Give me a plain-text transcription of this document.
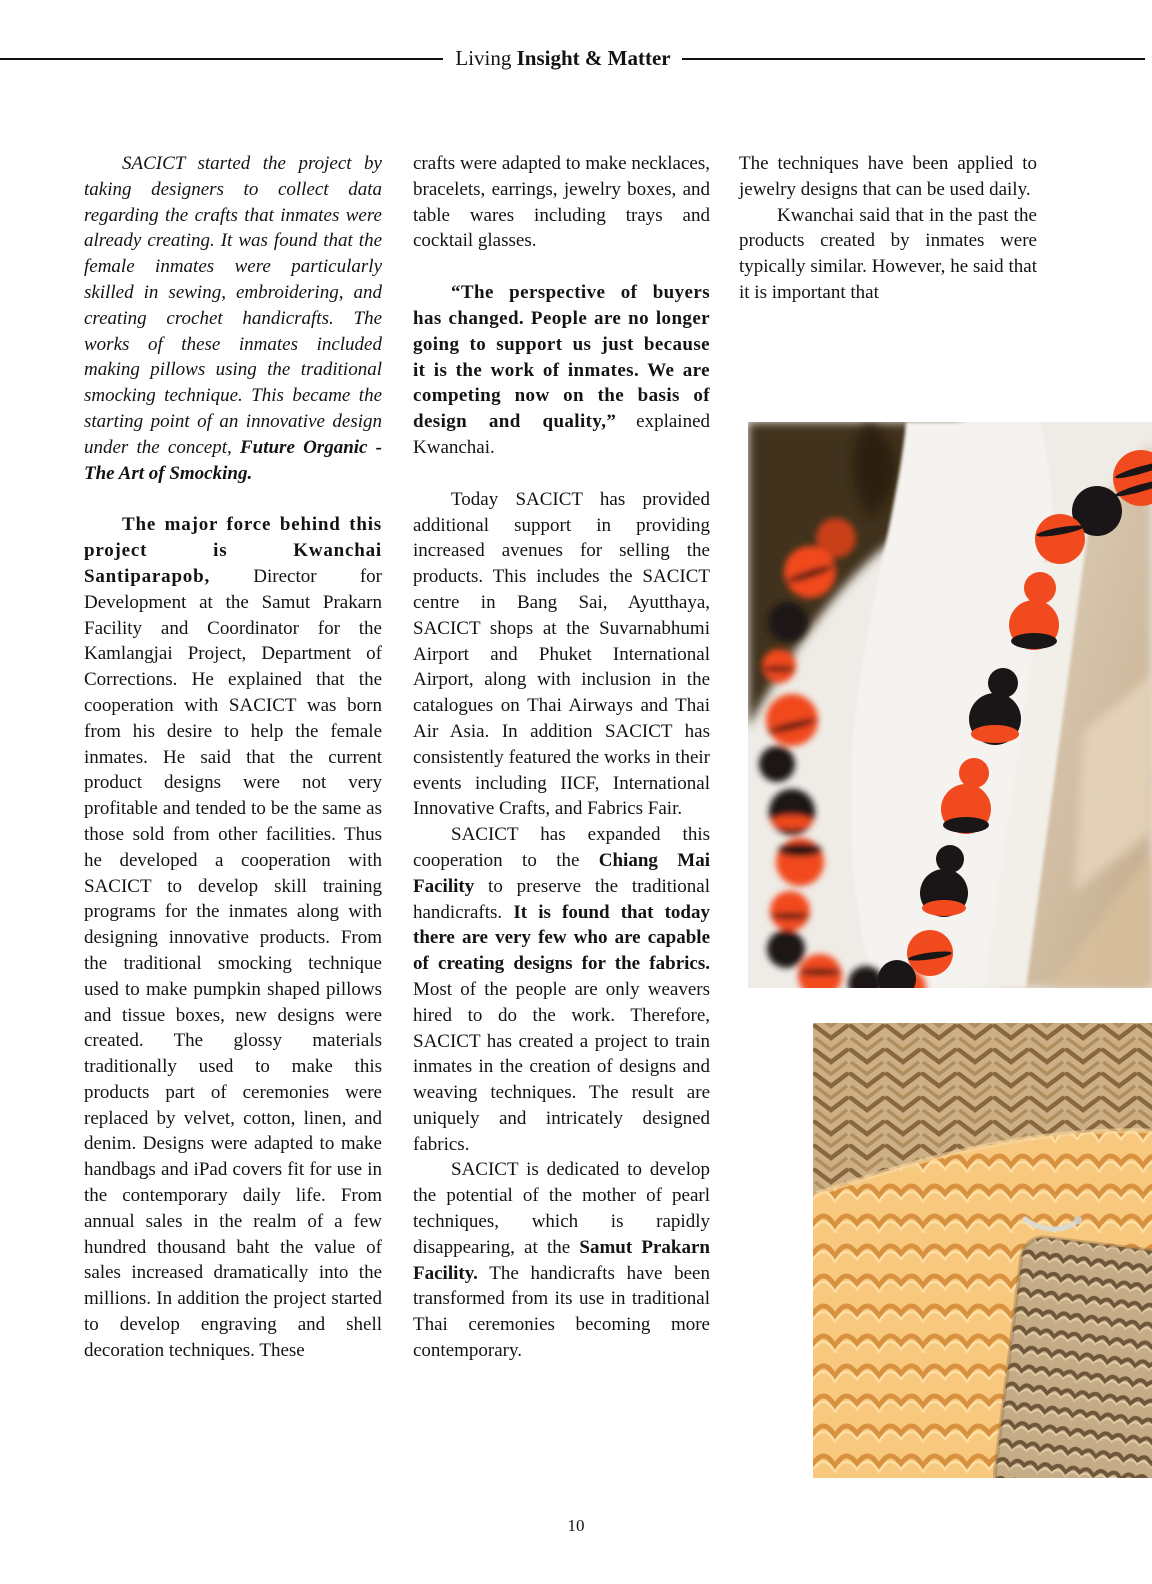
Living Insight & Matter

SACICT started the project by taking designers to collect data regarding the crafts that inmates were already creating. It was found that the female inmates were particularly skilled in sewing, embroidering, and creating crochet handicrafts. The works of these inmates included making pillows using the traditional smocking technique. This became the starting point of an innovative design under the concept, Future Organic - The Art of Smocking.

The major force behind this project is Kwanchai Santiparapob, Director for Development at the Samut Prakarn Facility and Coordinator for the Kamlangjai Project, Department of Corrections. He explained that the cooperation with SACICT was born from his desire to help the female inmates. He said that the current product designs were not very profitable and tended to be the same as those sold from other facilities. Thus he developed a cooperation with SACICT to develop skill training programs for the inmates along with designing innovative products. From the traditional smocking technique used to make pumpkin shaped pillows and tissue boxes, new designs were created. The glossy materials traditionally used to make this products part of ceremonies were replaced by velvet, cotton, linen, and denim. Designs were adapted to make handbags and iPad covers fit for use in the contemporary daily life. From annual sales in the realm of a few hundred thousand baht the value of sales increased dramatically into the millions. In addition the project started to develop engraving and shell decoration techniques. These

crafts were adapted to make necklaces, bracelets, earrings, jewelry boxes, and table wares including trays and cocktail glasses.

“The perspective of buyers has changed. People are no longer going to support us just because it is the work of inmates. We are competing now on the basis of design and quality,” explained Kwanchai.

Today SACICT has provided additional support in providing increased avenues for selling the products. This includes the SACICT centre in Bang Sai, Ayutthaya, SACICT shops at the Suvarnabhumi Airport and Phuket International Airport, along with inclusion in the catalogues on Thai Airways and Thai Air Asia. In addition SACICT has consistently featured the works in their events including IICF, International Innovative Crafts, and Fabrics Fair.

SACICT has expanded this cooperation to the Chiang Mai Facility to preserve the traditional handicrafts. It is found that today there are very few who are capable of creating designs for the fabrics. Most of the people are only weavers hired to do the work. Therefore, SACICT has created a project to train inmates in the creation of designs and weaving techniques. The result are uniquely and intricately designed fabrics.

SACICT is dedicated to develop the potential of the mother of pearl techniques, which is rapidly disappearing, at the Samut Prakarn Facility. The handicrafts have been transformed from its use in traditional Thai ceremonies becoming more contemporary.

The techniques have been applied to jewelry designs that can be used daily.

Kwanchai said that in the past the products created by inmates were typically similar. However, he said that it is important that

10
